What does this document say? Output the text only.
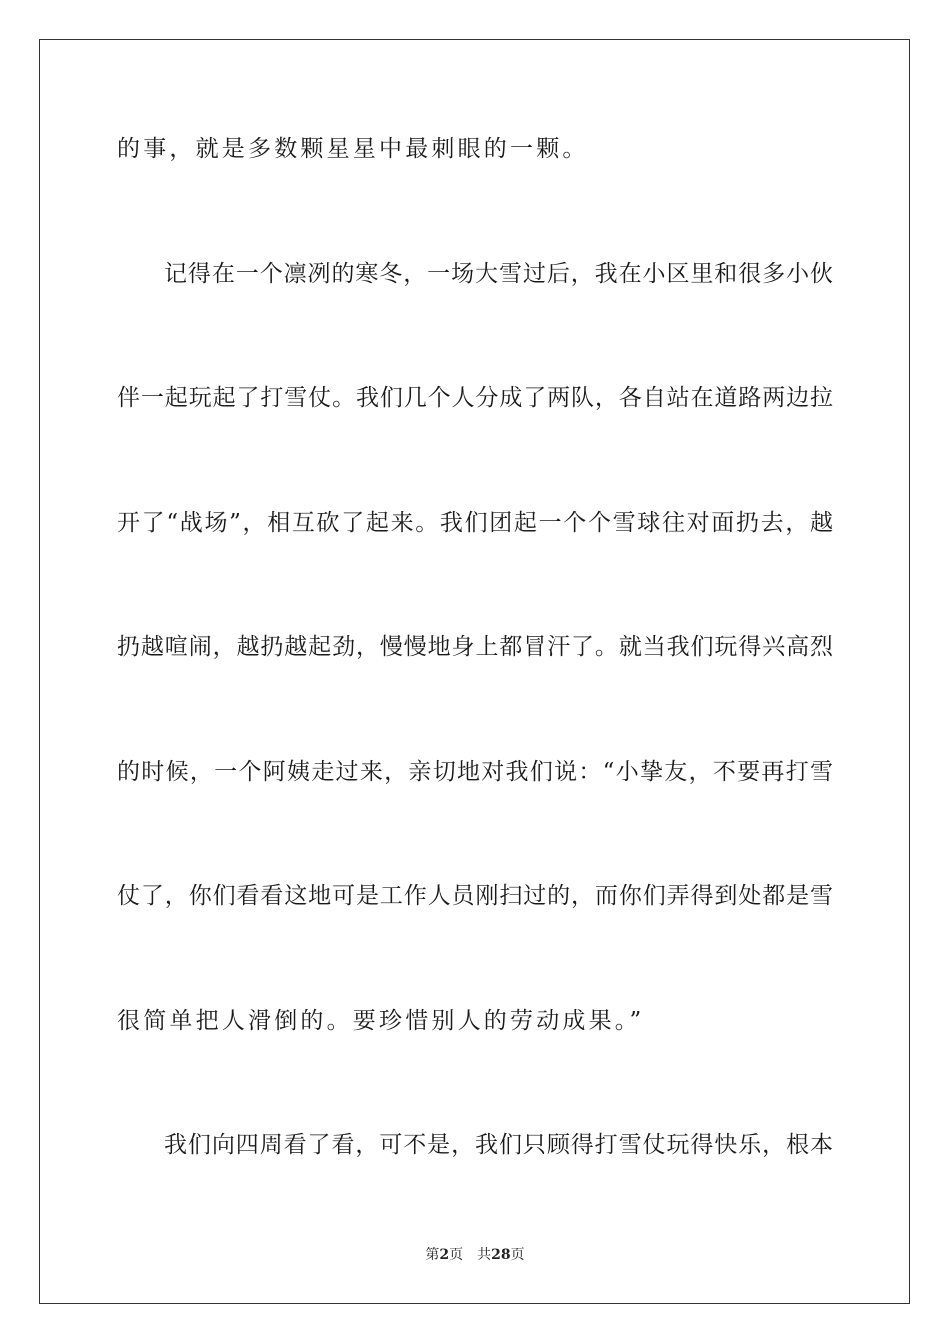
的事，就是多数颗星星中最刺眼的一颗。
记得在一个凛冽的寒冬，一场大雪过后，我在小区里和很多小伙
伴一起玩起了打雪仗。我们几个人分成了两队，各自站在道路两边拉
开了“战场”，相互砍了起来。我们团起一个个雪球往对面扔去，越
扔越喧闹，越扔越起劲，慢慢地身上都冒汗了。就当我们玩得兴高烈
的时候，一个阿姨走过来，亲切地对我们说：“小挚友，不要再打雪
仗了，你们看看这地可是工作人员刚扫过的，而你们弄得到处都是雪
很简单把人滑倒的。要珍惜别人的劳动成果。”
我们向四周看了看，可不是，我们只顾得打雪仗玩得快乐，根本
第2页 共28页
